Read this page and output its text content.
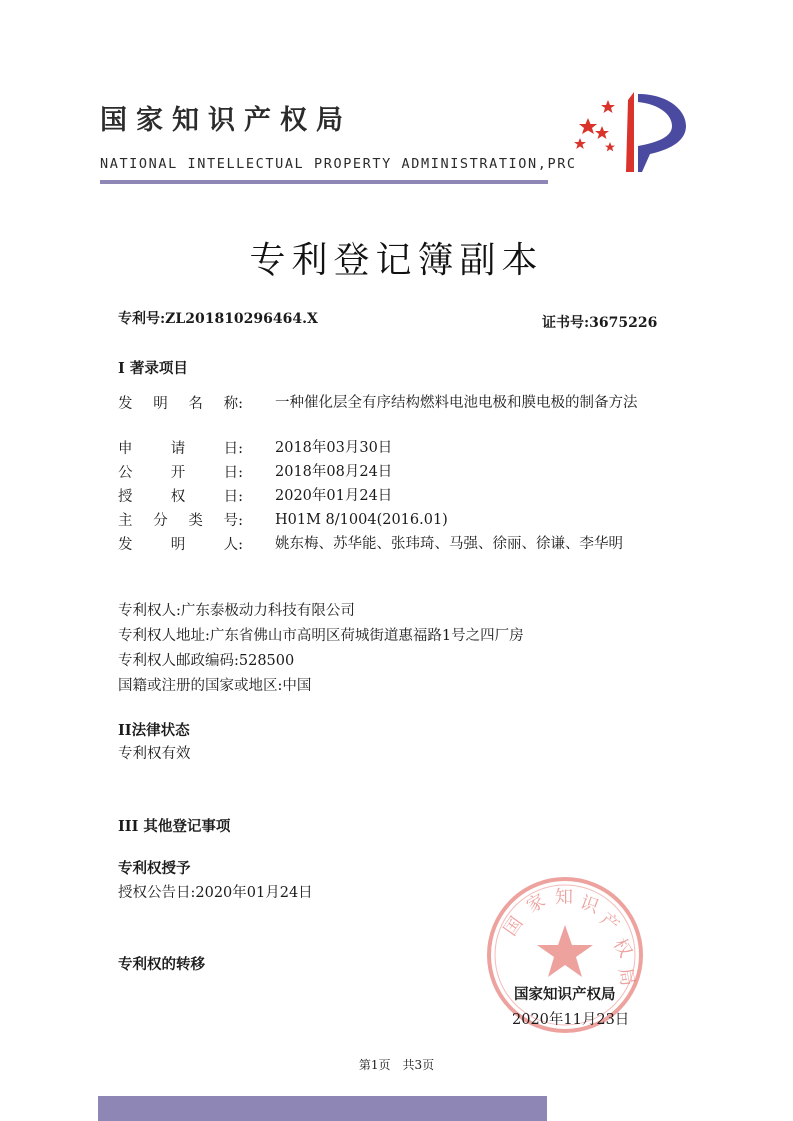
国家知识产权局
NATIONAL INTELLECTUAL PROPERTY ADMINISTRATION,PRC
专利登记簿副本
专利号:ZL201810296464.X	证书号:3675226
I 著录项目
发 明 名 称: 一种催化层全有序结构燃料电池电极和膜电极的制备方法
申	请	日: 2018年03月30日
公	开	日: 2018年08月24日
授	权	日: 2020年01月24日
主 分 类 号: H01M 8/1004(2016.01)
发	明	人: 姚东梅、苏华能、张玮琦、马强、徐丽、徐谦、李华明
专利权人:广东泰极动力科技有限公司
专利权人地址:广东省佛山市高明区荷城街道惠福路1号之四厂房
专利权人邮政编码:528500
国籍或注册的国家或地区:中国
II法律状态
专利权有效
III 其他登记事项
专利权授予
授权公告日:2020年01月24日
专利权的转移
国
家 知 识
产
权
局
国家知识产权局
2020年11月23日
第1页　共3页
